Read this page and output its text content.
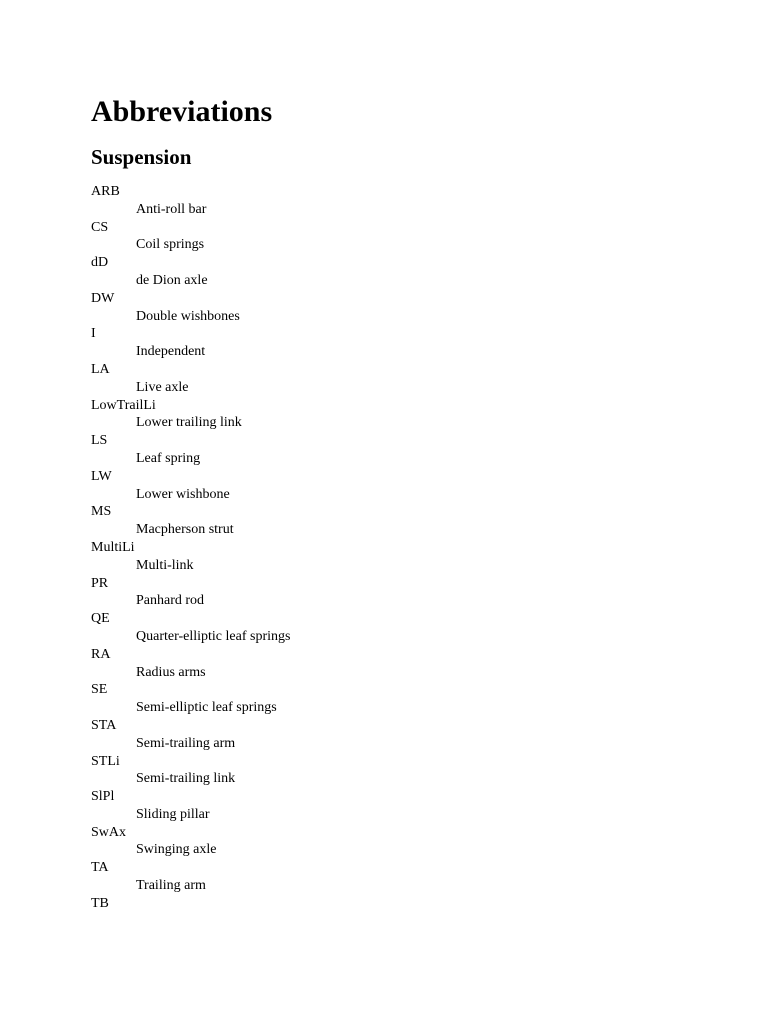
Abbreviations
Suspension
ARB
Anti-roll bar
CS
Coil springs
dD
de Dion axle
DW
Double wishbones
I
Independent
LA
Live axle
LowTrailLi
Lower trailing link
LS
Leaf spring
LW
Lower wishbone
MS
Macpherson strut
MultiLi
Multi-link
PR
Panhard rod
QE
Quarter-elliptic leaf springs
RA
Radius arms
SE
Semi-elliptic leaf springs
STA
Semi-trailing arm
STLi
Semi-trailing link
SlPl
Sliding pillar
SwAx
Swinging axle
TA
Trailing arm
TB
